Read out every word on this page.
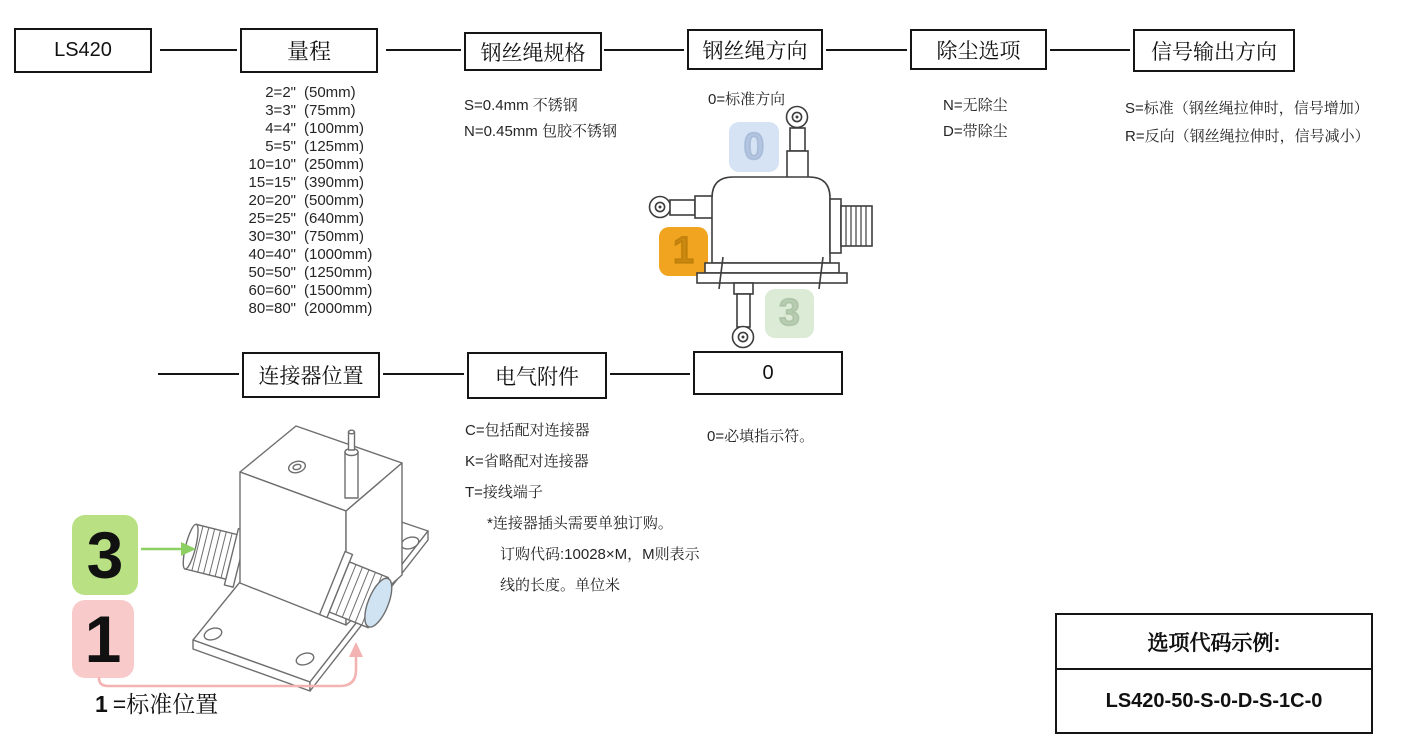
0
1
3
3
1
LS420	量程	钢丝绳规格	钢丝绳方向	除尘选项	信号输出方向
2=2" (50mm)
3=3" (75mm)
4=4" (100mm)
5=5" (125mm)
10=10" (250mm)
15=15" (390mm)
20=20" (500mm)
25=25" (640mm)
30=30" (750mm)
40=40" (1000mm)
50=50" (1250mm)
60=60" (1500mm)
80=80" (2000mm)
S=0.4mm 不锈钢
N=0.45mm 包胶不锈钢
0=标准方向	N=无除尘
D=带除尘
S=标准（钢丝绳拉伸时，信号增加）
R=反向（钢丝绳拉伸时，信号减小）
连接器位置	电气附件	0
C=包括配对连接器
K=省略配对连接器
T=接线端子
*连接器插头需要单独订购。
订购代码:10028×M，M则表示
线的长度。单位米
0=必填指示符。
1 =标准位置
选项代码示例:
LS420-50-S-0-D-S-1C-0
